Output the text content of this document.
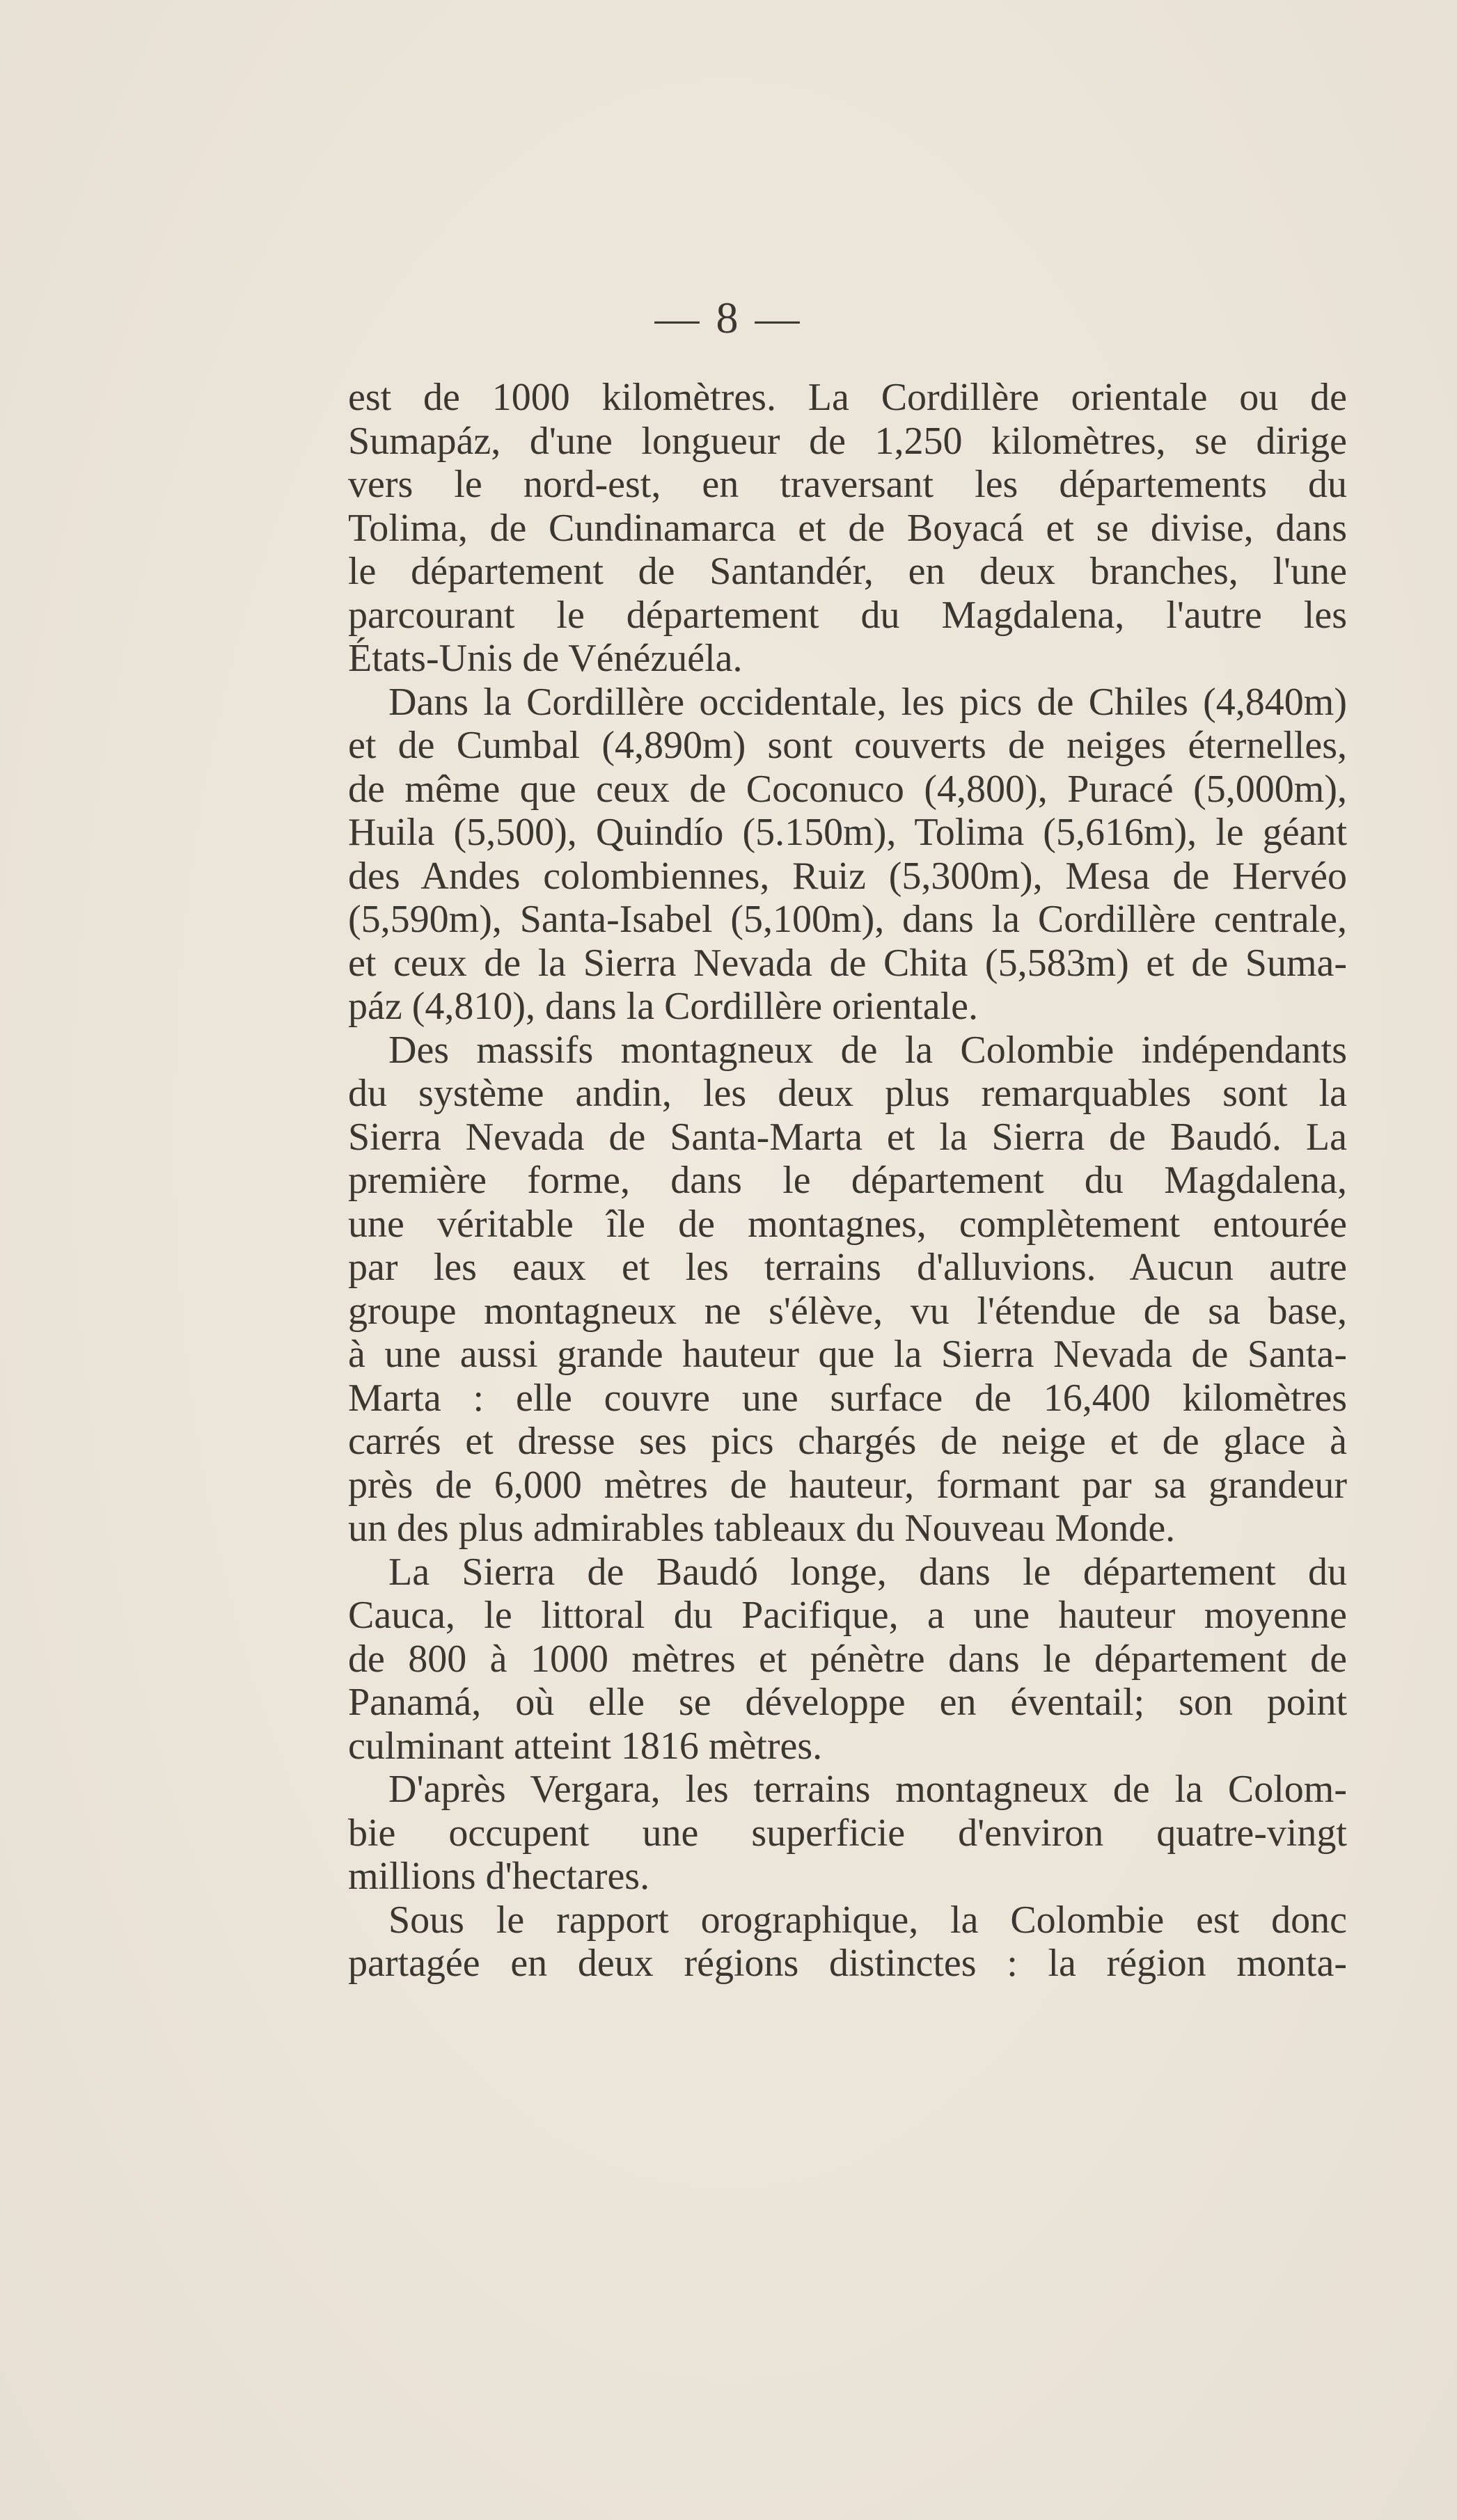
— 8 —
est de 1000 kilomètres. La Cordillère orientale ou de
Sumapáz, d'une longueur de 1,250 kilomètres, se dirige
vers le nord-est, en traversant les départements du
Tolima, de Cundinamarca et de Boyacá et se divise, dans
le département de Santandér, en deux branches, l'une
parcourant le département du Magdalena, l'autre les
États-Unis de Vénézuéla.
Dans la Cordillère occidentale, les pics de Chiles (4,840m)
et de Cumbal (4,890m) sont couverts de neiges éternelles,
de même que ceux de Coconuco (4,800), Puracé (5,000m),
Huila (5,500), Quindío (5.150m), Tolima (5,616m), le géant
des Andes colombiennes, Ruiz (5,300m), Mesa de Hervéo
(5,590m), Santa-Isabel (5,100m), dans la Cordillère centrale,
et ceux de la Sierra Nevada de Chita (5,583m) et de Suma-
páz (4,810), dans la Cordillère orientale.
Des massifs montagneux de la Colombie indépendants
du système andin, les deux plus remarquables sont la
Sierra Nevada de Santa-Marta et la Sierra de Baudó. La
première forme, dans le département du Magdalena,
une véritable île de montagnes, complètement entourée
par les eaux et les terrains d'alluvions. Aucun autre
groupe montagneux ne s'élève, vu l'étendue de sa base,
à une aussi grande hauteur que la Sierra Nevada de Santa-
Marta : elle couvre une surface de 16,400 kilomètres
carrés et dresse ses pics chargés de neige et de glace à
près de 6,000 mètres de hauteur, formant par sa grandeur
un des plus admirables tableaux du Nouveau Monde.
La Sierra de Baudó longe, dans le département du
Cauca, le littoral du Pacifique, a une hauteur moyenne
de 800 à 1000 mètres et pénètre dans le département de
Panamá, où elle se développe en éventail; son point
culminant atteint 1816 mètres.
D'après Vergara, les terrains montagneux de la Colom-
bie occupent une superficie d'environ quatre-vingt
millions d'hectares.
Sous le rapport orographique, la Colombie est donc
partagée en deux régions distinctes : la région monta-
